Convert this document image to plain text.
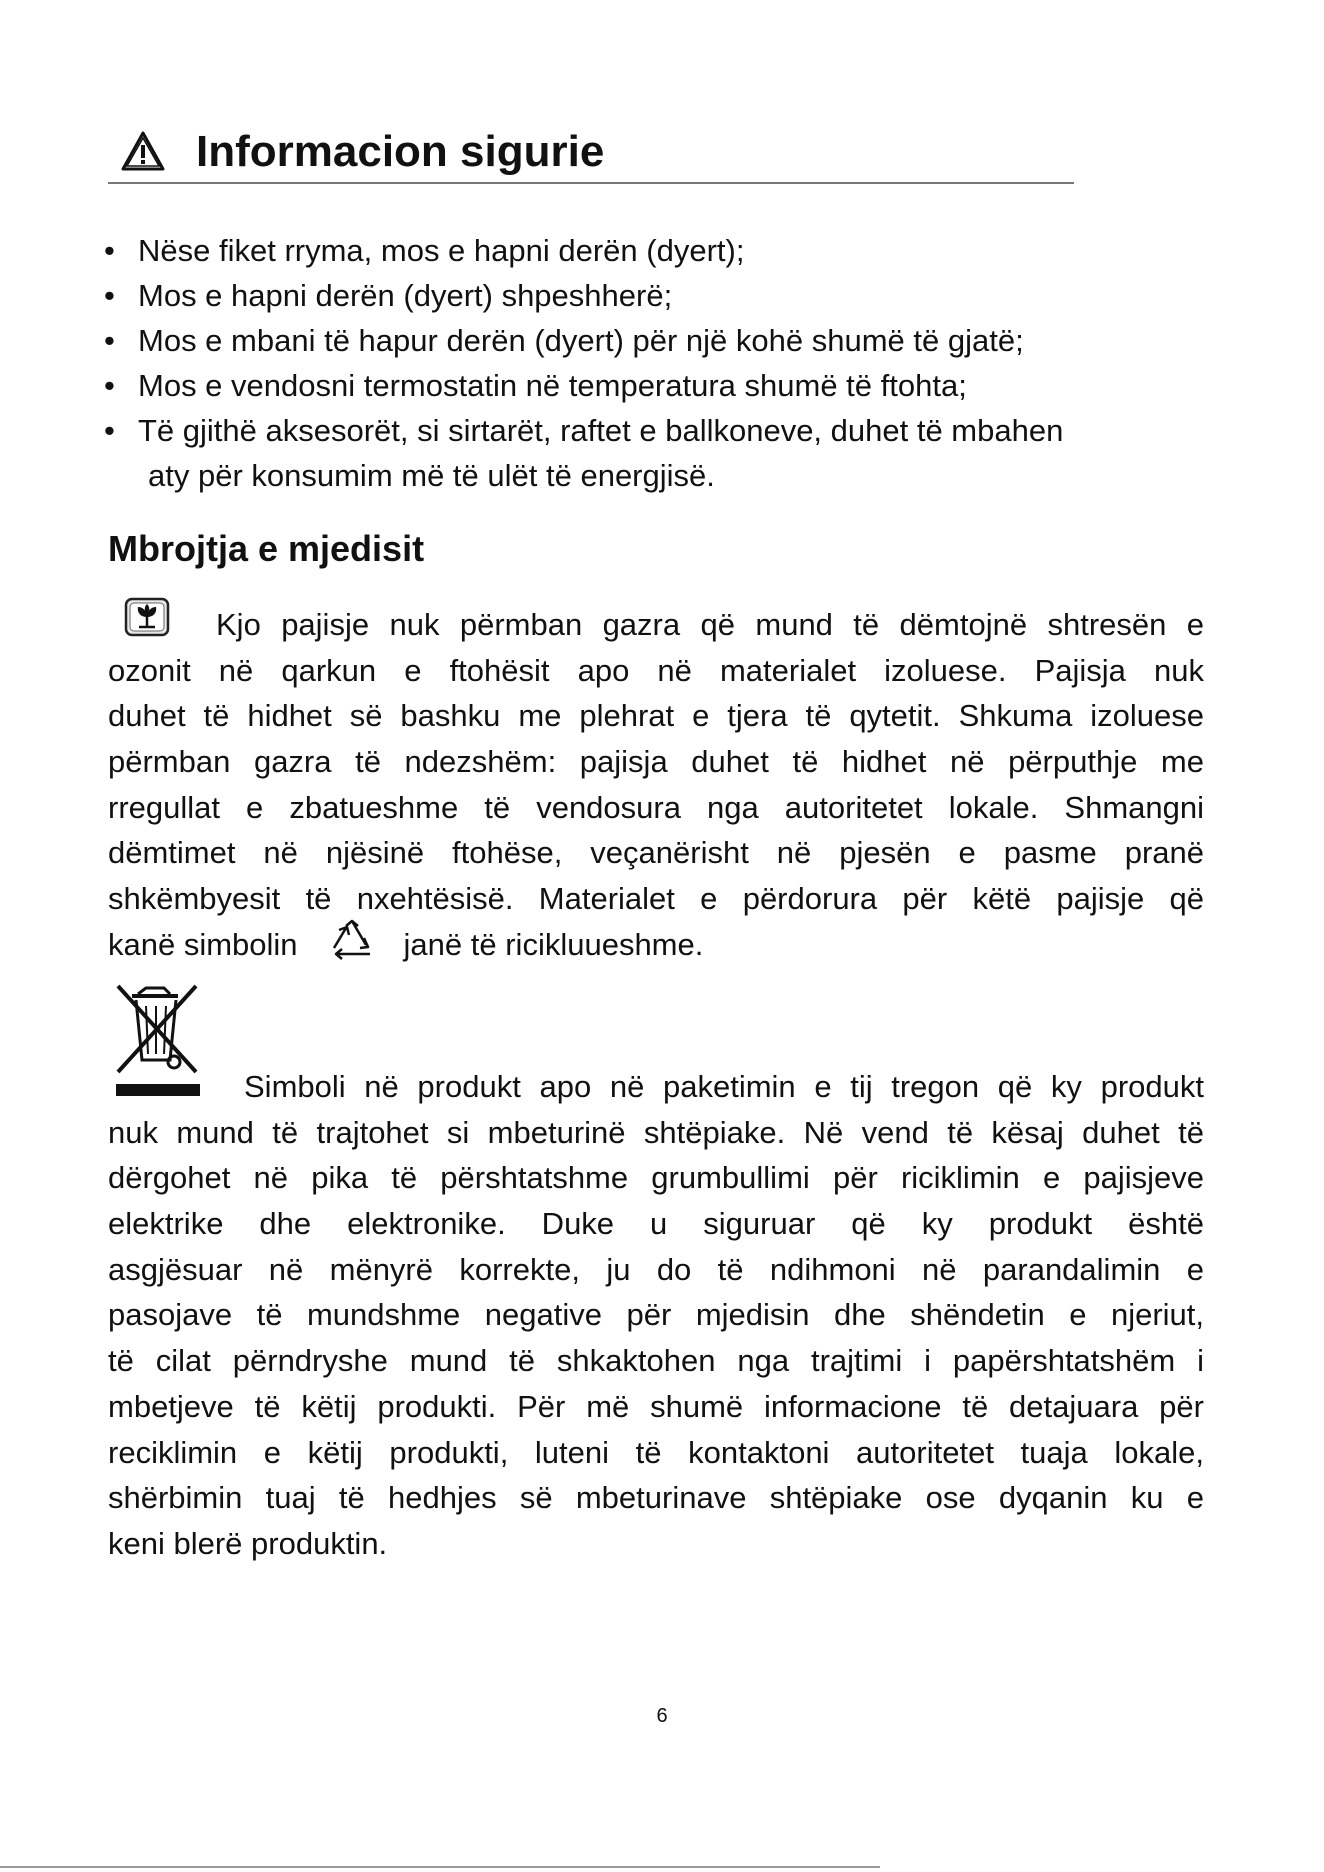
Informacion sigurie
• Nëse fiket rryma, mos e hapni derën (dyert);
• Mos e hapni derën (dyert) shpeshherë;
• Mos e mbani të hapur derën (dyert) për një kohë shumë të gjatë;
• Mos e vendosni termostatin në temperatura shumë të ftohta;
• Të gjithë aksesorët, si sirtarët, raftet e ballkoneve, duhet të mbahen
aty për konsumim më të ulët të energjisë.
Mbrojtja e mjedisit
Kjo pajisje nuk përmban gazra që mund të dëmtojnë shtresën e
ozonit në qarkun e ftohësit apo në materialet izoluese. Pajisja nuk
duhet të hidhet së bashku me plehrat e tjera të qytetit. Shkuma izoluese
përmban gazra të ndezshëm: pajisja duhet të hidhet në përputhje me
rregullat e zbatueshme të vendosura nga autoritetet lokale. Shmangni
dëmtimet në njësinë ftohëse, veçanërisht në pjesën e pasme pranë
shkëmbyesit të nxehtësisë. Materialet e përdorura për këtë pajisje që
kanë simbolin	janë të ricikluueshme.
Simboli në produkt apo në paketimin e tij tregon që ky produkt
nuk mund të trajtohet si mbeturinë shtëpiake. Në vend të kësaj duhet të
dërgohet në pika të përshtatshme grumbullimi për riciklimin e pajisjeve
elektrike dhe elektronike. Duke u siguruar që ky produkt është
asgjësuar në mënyrë korrekte, ju do të ndihmoni në parandalimin e
pasojave të mundshme negative për mjedisin dhe shëndetin e njeriut,
të cilat përndryshe mund të shkaktohen nga trajtimi i papërshtatshëm i
mbetjeve të këtij produkti. Për më shumë informacione të detajuara për
reciklimin e këtij produkti, luteni të kontaktoni autoritetet tuaja lokale,
shërbimin tuaj të hedhjes së mbeturinave shtëpiake ose dyqanin ku e
keni blerë produktin.
6
